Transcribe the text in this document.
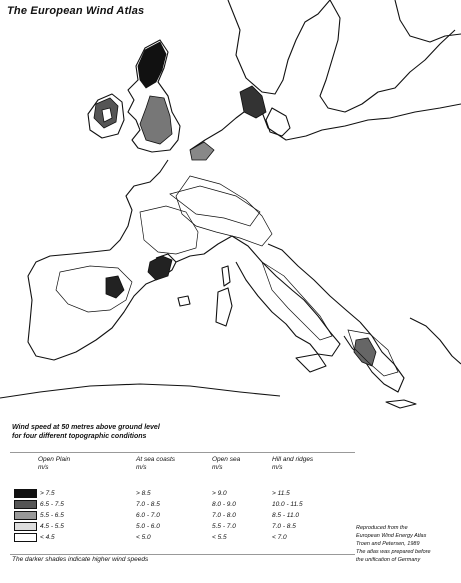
The European Wind Atlas
Wind speed at 50 metres above ground level
for four different topographic conditions
Open Plain
m/s
At sea coasts
m/s
Open sea
m/s
Hill and ridges
m/s
> 7.5	> 8.5	> 9.0	> 11.5
6.5 - 7.5	7.0 - 8.5	8.0 - 9.0	10.0 - 11.5
5.5 - 6.5	6.0 - 7.0	7.0 - 8.0	8.5 - 11.0
4.5 - 5.5	5.0 - 6.0	5.5 - 7.0	7.0 - 8.5
< 4.5	< 5.0	< 5.5	< 7.0
Reproduced from the
European Wind Energy Atlas
Troen and Petersen, 1989
The atlas was prepared before
the unification of Germany
The darker shades indicate higher wind speeds
